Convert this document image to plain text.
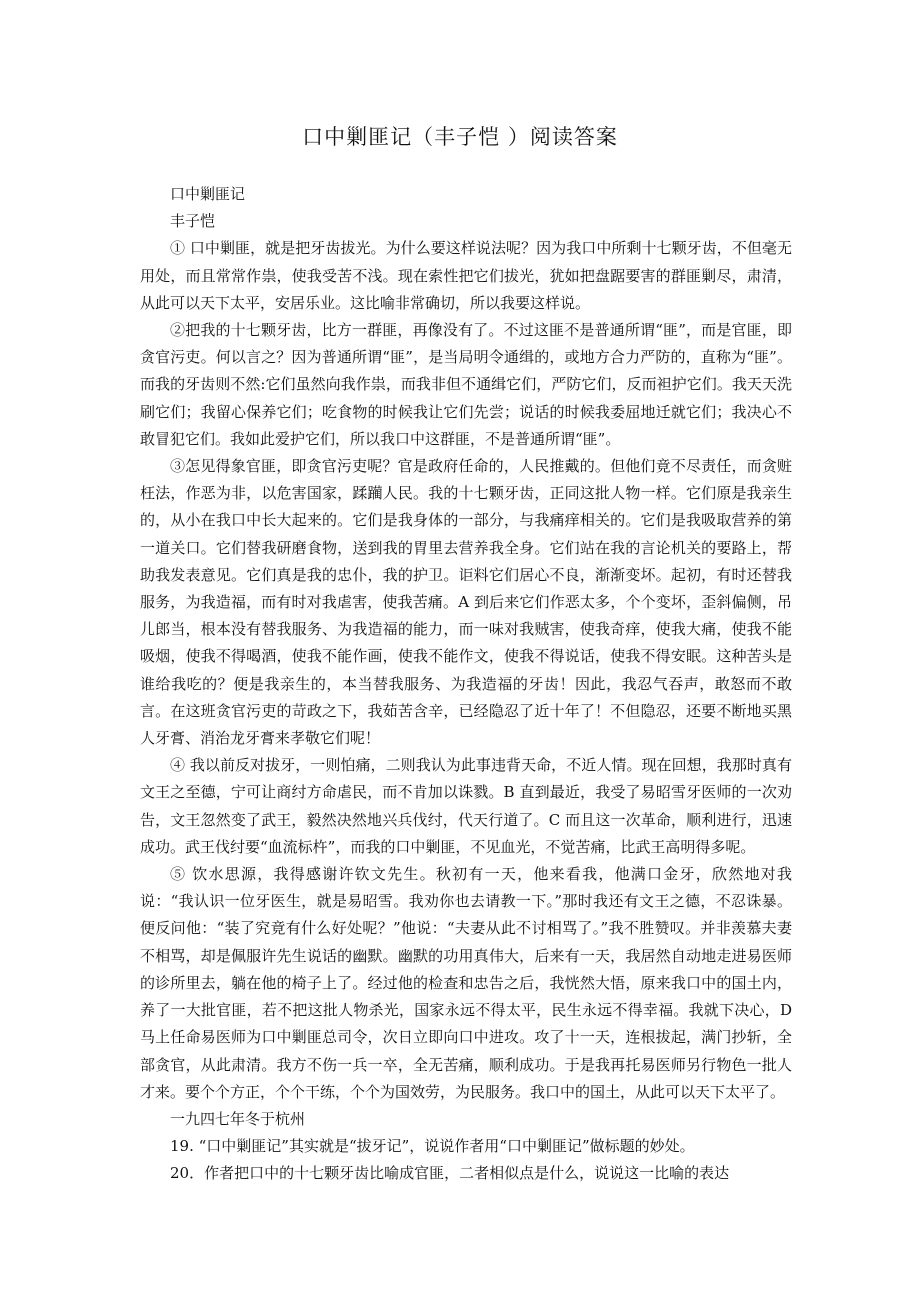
口中剿匪记（丰子恺 ）阅读答案

口中剿匪记

丰子恺

① 口中剿匪，就是把牙齿拔光。为什么要这样说法呢？因为我口中所剩十七颗牙齿，不但毫无用处，而且常常作祟，使我受苦不浅。现在索性把它们拔光，犹如把盘踞要害的群匪剿尽，肃清，从此可以天下太平，安居乐业。这比喻非常确切，所以我要这样说。

②把我的十七颗牙齿，比方一群匪，再像没有了。不过这匪不是普通所谓“匪”，而是官匪，即贪官污吏。何以言之？因为普通所谓“匪”，是当局明令通缉的，或地方合力严防的，直称为“匪”。而我的牙齿则不然:它们虽然向我作祟，而我非但不通缉它们，严防它们，反而袒护它们。我天天洗刷它们；我留心保养它们；吃食物的时候我让它们先尝；说话的时候我委屈地迁就它们；我决心不敢冒犯它们。我如此爱护它们，所以我口中这群匪，不是普通所谓“匪”。

③怎见得象官匪，即贪官污吏呢？官是政府任命的，人民推戴的。但他们竟不尽责任，而贪赃枉法，作恶为非，以危害国家，蹂躏人民。我的十七颗牙齿，正同这批人物一样。它们原是我亲生的，从小在我口中长大起来的。它们是我身体的一部分，与我痛痒相关的。它们是我吸取营养的第一道关口。它们替我研磨食物，送到我的胃里去营养我全身。它们站在我的言论机关的要路上，帮助我发表意见。它们真是我的忠仆，我的护卫。讵料它们居心不良，渐渐变坏。起初，有时还替我服务，为我造福，而有时对我虐害，使我苦痛。A 到后来它们作恶太多，个个变坏，歪斜偏侧，吊儿郎当，根本没有替我服务、为我造福的能力，而一味对我贼害，使我奇痒，使我大痛，使我不能吸烟，使我不得喝酒，使我不能作画，使我不能作文，使我不得说话，使我不得安眠。这种苦头是谁给我吃的？便是我亲生的，本当替我服务、为我造福的牙齿！因此，我忍气吞声，敢怒而不敢言。在这班贪官污吏的苛政之下，我茹苦含辛，已经隐忍了近十年了！不但隐忍，还要不断地买黑人牙膏、消治龙牙膏来孝敬它们呢！

④ 我以前反对拔牙，一则怕痛，二则我认为此事违背天命，不近人情。现在回想，我那时真有文王之至德，宁可让商纣方命虐民，而不肯加以诛戮。B 直到最近，我受了易昭雪牙医师的一次劝告，文王忽然变了武王，毅然决然地兴兵伐纣，代天行道了。C 而且这一次革命，顺利进行，迅速成功。武王伐纣要“血流标杵”，而我的口中剿匪，不见血光，不觉苦痛，比武王高明得多呢。

⑤ 饮水思源，我得感谢许钦文先生。秋初有一天，他来看我，他满口金牙，欣然地对我说：“我认识一位牙医生，就是易昭雪。我劝你也去请教一下。”那时我还有文王之德，不忍诛暴。便反问他：“装了究竟有什么好处呢？”他说：“夫妻从此不讨相骂了。”我不胜赞叹。并非羡慕夫妻不相骂，却是佩服许先生说话的幽默。幽默的功用真伟大，后来有一天，我居然自动地走进易医师的诊所里去，躺在他的椅子上了。经过他的检查和忠告之后，我恍然大悟，原来我口中的国土内，养了一大批官匪，若不把这批人物杀光，国家永远不得太平，民生永远不得幸福。我就下决心，D 马上任命易医师为口中剿匪总司令，次日立即向口中进攻。攻了十一天，连根拔起，满门抄斩，全部贪官，从此肃清。我方不伤一兵一卒，全无苦痛，顺利成功。于是我再托易医师另行物色一批人才来。要个个方正，个个干练，个个为国效劳，为民服务。我口中的国土，从此可以天下太平了。

一九四七年冬于杭州

19. “口中剿匪记”其实就是“拔牙记”，说说作者用“口中剿匪记”做标题的妙处。

20．作者把口中的十七颗牙齿比喻成官匪，二者相似点是什么，说说这一比喻的表达
